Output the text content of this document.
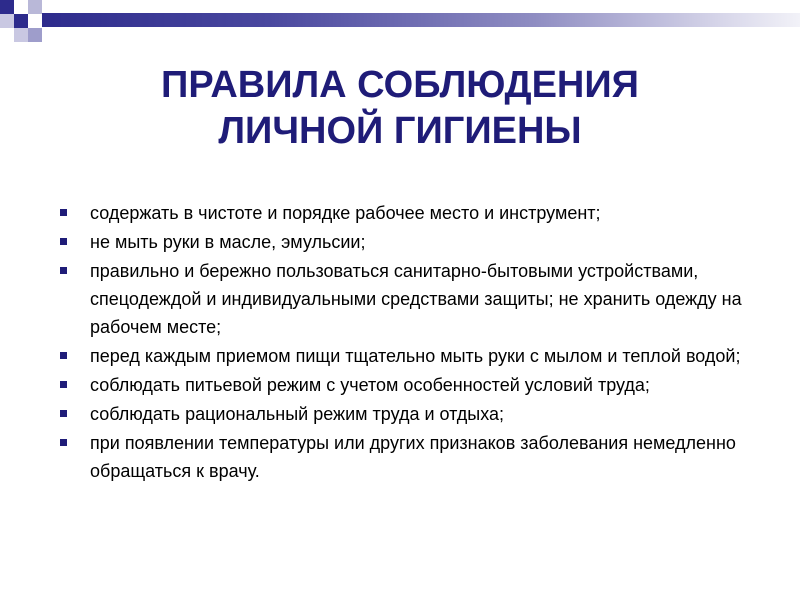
ПРАВИЛА СОБЛЮДЕНИЯ
ЛИЧНОЙ ГИГИЕНЫ
содержать в чистоте и порядке рабочее место и инструмент;
не мыть руки в масле, эмульсии;
правильно и бережно пользоваться санитарно-бытовыми устройствами, спецодеждой и индивидуальными средствами защиты; не хранить одежду на рабочем месте;
перед каждым приемом пищи тщательно мыть руки с мылом и теплой водой;
соблюдать питьевой режим с учетом особенностей условий труда;
соблюдать рациональный режим труда и отдыха;
при появлении температуры или других признаков заболевания немедленно обращаться к врачу.
